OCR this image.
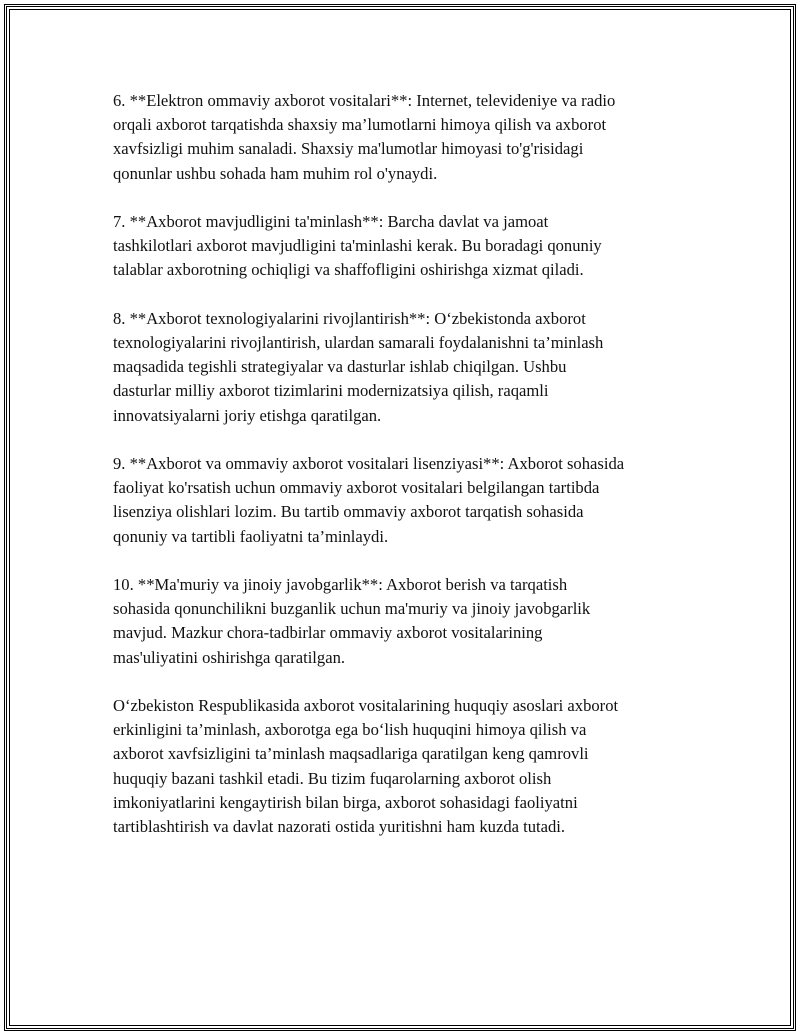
6. **Elektron ommaviy axborot vositalari**: Internet, televideniye va radio
orqali axborot tarqatishda shaxsiy ma’lumotlarni himoya qilish va axborot
xavfsizligi muhim sanaladi. Shaxsiy ma'lumotlar himoyasi to'g'risidagi
qonunlar ushbu sohada ham muhim rol o'ynaydi.

7. **Axborot mavjudligini ta'minlash**: Barcha davlat va jamoat
tashkilotlari axborot mavjudligini ta'minlashi kerak. Bu boradagi qonuniy
talablar axborotning ochiqligi va shaffofligini oshirishga xizmat qiladi.

8. **Axborot texnologiyalarini rivojlantirish**: O‘zbekistonda axborot
texnologiyalarini rivojlantirish, ulardan samarali foydalanishni ta’minlash
maqsadida tegishli strategiyalar va dasturlar ishlab chiqilgan. Ushbu
dasturlar milliy axborot tizimlarini modernizatsiya qilish, raqamli
innovatsiyalarni joriy etishga qaratilgan.

9. **Axborot va ommaviy axborot vositalari lisenziyasi**: Axborot sohasida
faoliyat ko'rsatish uchun ommaviy axborot vositalari belgilangan tartibda
lisenziya olishlari lozim. Bu tartib ommaviy axborot tarqatish sohasida
qonuniy va tartibli faoliyatni ta’minlaydi.

10. **Ma'muriy va jinoiy javobgarlik**: Axborot berish va tarqatish
sohasida qonunchilikni buzganlik uchun ma'muriy va jinoiy javobgarlik
mavjud. Mazkur chora-tadbirlar ommaviy axborot vositalarining
mas'uliyatini oshirishga qaratilgan.

O‘zbekiston Respublikasida axborot vositalarining huquqiy asoslari axborot
erkinligini ta’minlash, axborotga ega bo‘lish huquqini himoya qilish va
axborot xavfsizligini ta’minlash maqsadlariga qaratilgan keng qamrovli
huquqiy bazani tashkil etadi. Bu tizim fuqarolarning axborot olish
imkoniyatlarini kengaytirish bilan birga, axborot sohasidagi faoliyatni
tartiblashtirish va davlat nazorati ostida yuritishni ham kuzda tutadi.
